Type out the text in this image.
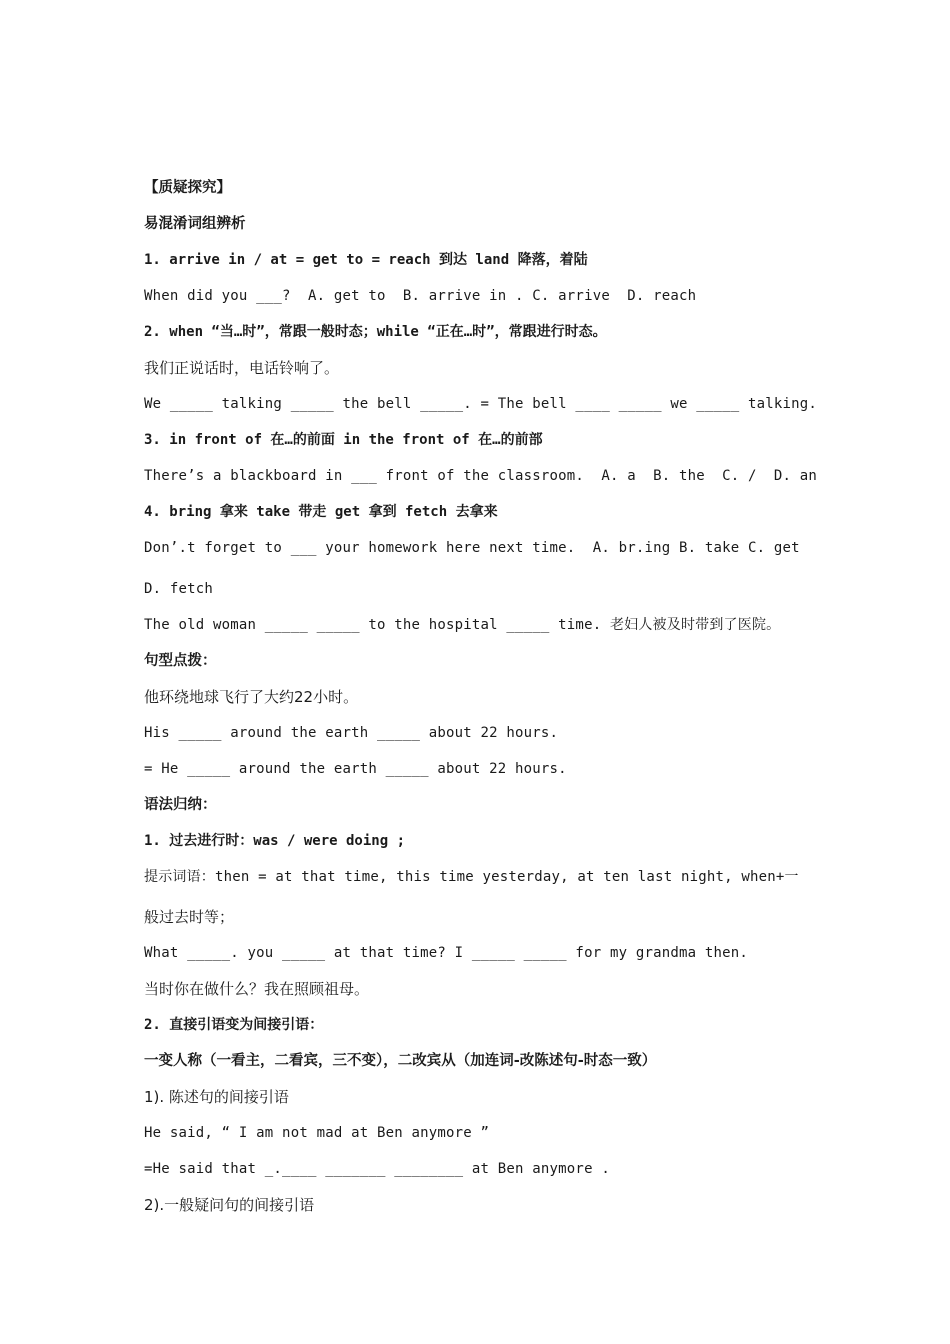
【质疑探究】
易混淆词组辨析
1. arrive in / at = get to = reach 到达 land 降落，着陆
When did you ___?  A. get to  B. arrive in . C. arrive  D. reach
2. when “当…时”，常跟一般时态；while “正在…时”，常跟进行时态。
我们正说话时，电话铃响了。
We _____ talking _____ the bell _____. = The bell ____ _____ we _____ talking.
3. in front of 在…的前面 in the front of 在…的前部
There’s a blackboard in ___ front of the classroom.  A. a  B. the  C. /  D. an
4. bring 拿来 take 带走 get 拿到 fetch 去拿来
Don’.t forget to ___ your homework here next time.  A. br.ing B. take C. get
D. fetch
The old woman _____ _____ to the hospital _____ time. 老妇人被及时带到了医院。
句型点拨：
他环绕地球飞行了大约22小时。
His _____ around the earth _____ about 22 hours.
= He _____ around the earth _____ about 22 hours.
语法归纳：
1. 过去进行时：was / were doing ;
提示词语：then = at that time, this time yesterday, at ten last night, when+一
般过去时等；
What _____. you _____ at that time? I _____ _____ for my grandma then.
当时你在做什么？我在照顾祖母。
2. 直接引语变为间接引语：
一变人称（一看主，二看宾，三不变），二改宾从（加连词-改陈述句-时态一致）
1). 陈述句的间接引语
He said, “ I am not mad at Ben anymore ”
=He said that _.____ _______ ________ at Ben anymore .
2).一般疑问句的间接引语
